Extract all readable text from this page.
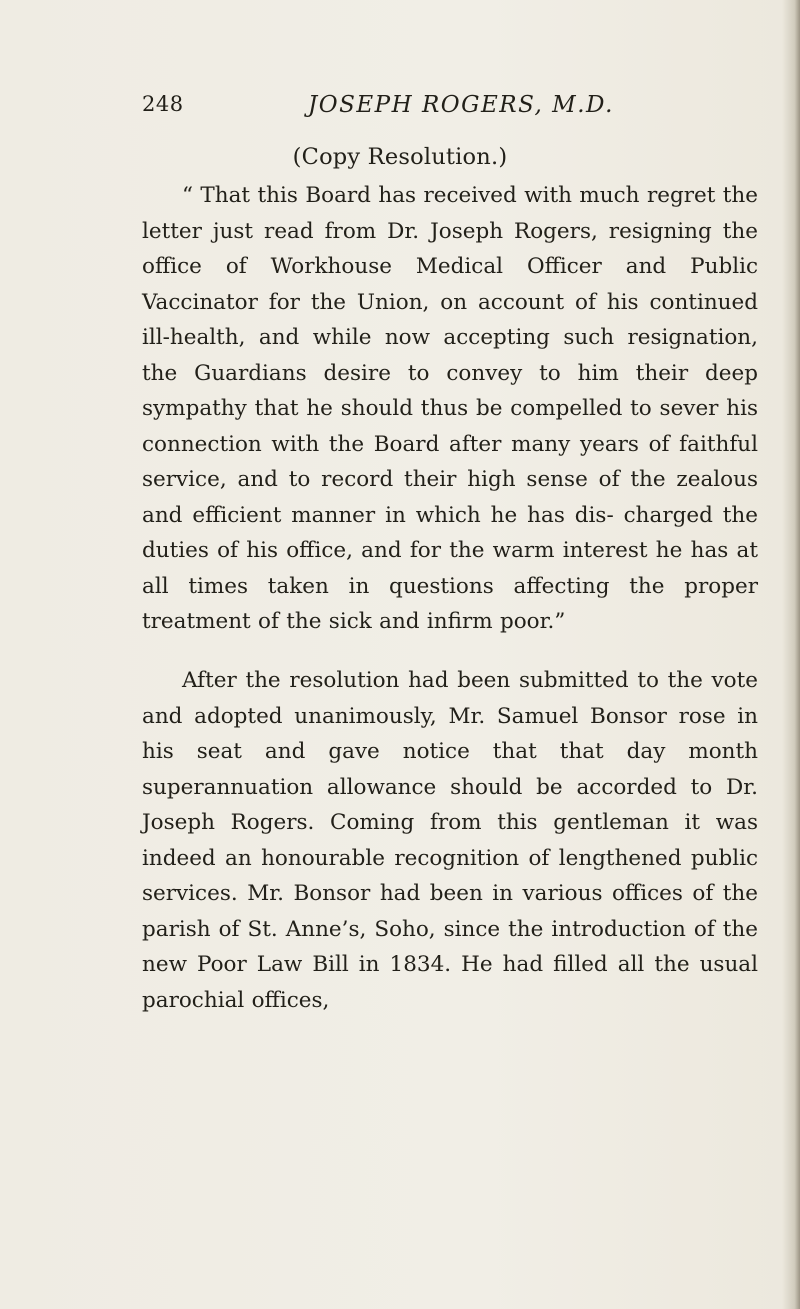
248	JOSEPH ROGERS, M.D.
(Copy Resolution.)

“ That this Board has received with much regret the letter just read from Dr. Joseph Rogers, resigning the office of Workhouse Medical Officer and Public Vaccinator for the Union, on account of his continued ill-health, and while now accepting such resignation, the Guardians desire to convey to him their deep sympathy that he should thus be compelled to sever his connection with the Board after many years of faithful service, and to record their high sense of the zealous and efficient manner in which he has dis- charged the duties of his office, and for the warm interest he has at all times taken in questions affecting the proper treatment of the sick and infirm poor.”

After the resolution had been submitted to the vote and adopted unanimously, Mr. Samuel Bonsor rose in his seat and gave notice that that day month superannuation allowance should be accorded to Dr. Joseph Rogers. Coming from this gentleman it was indeed an honourable recognition of lengthened public services. Mr. Bonsor had been in various offices of the parish of St. Anne’s, Soho, since the introduction of the new Poor Law Bill in 1834. He had filled all the usual parochial offices,
